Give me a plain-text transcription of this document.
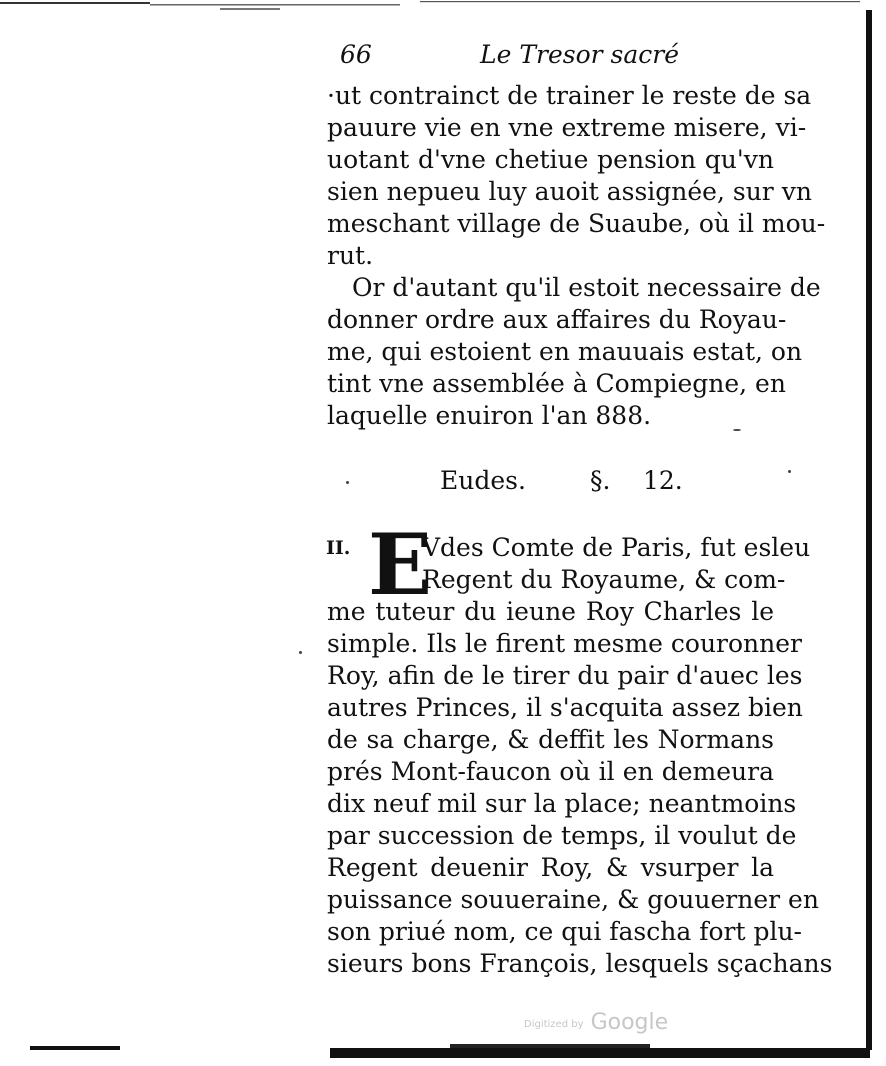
66	Le Tresor sacré
·ut contrainct de trainer le reste de sa
pauure vie en vne extreme misere, vi-
uotant d'vne chetiue pension qu'vn
sien nepueu luy auoit assignée, sur vn
meschant village de Suaube, où il mou-
rut.
Or d'autant qu'il estoit necessaire de
donner ordre aux affaires du Royau-
me, qui estoient en mauuais estat, on
tint vne assemblée à Compiegne, en
laquelle enuiron l'an 888.
Eudes.	§. 12.
II. E
Vdes Comte de Paris, fut esleu
Regent du Royaume, & com-
me tuteur du ieune Roy Charles le
simple. Ils le firent mesme couronner
Roy, afin de le tirer du pair d'auec les
autres Princes, il s'acquita assez bien
de sa charge, & deffit les Normans
prés Mont-faucon où il en demeura
dix neuf mil sur la place; neantmoins
par succession de temps, il voulut de
Regent deuenir Roy, & vsurper la
puissance souueraine, & gouuerner en
son priué nom, ce qui fascha fort plu-
sieurs bons François, lesquels sçachans
Digitized by Google
